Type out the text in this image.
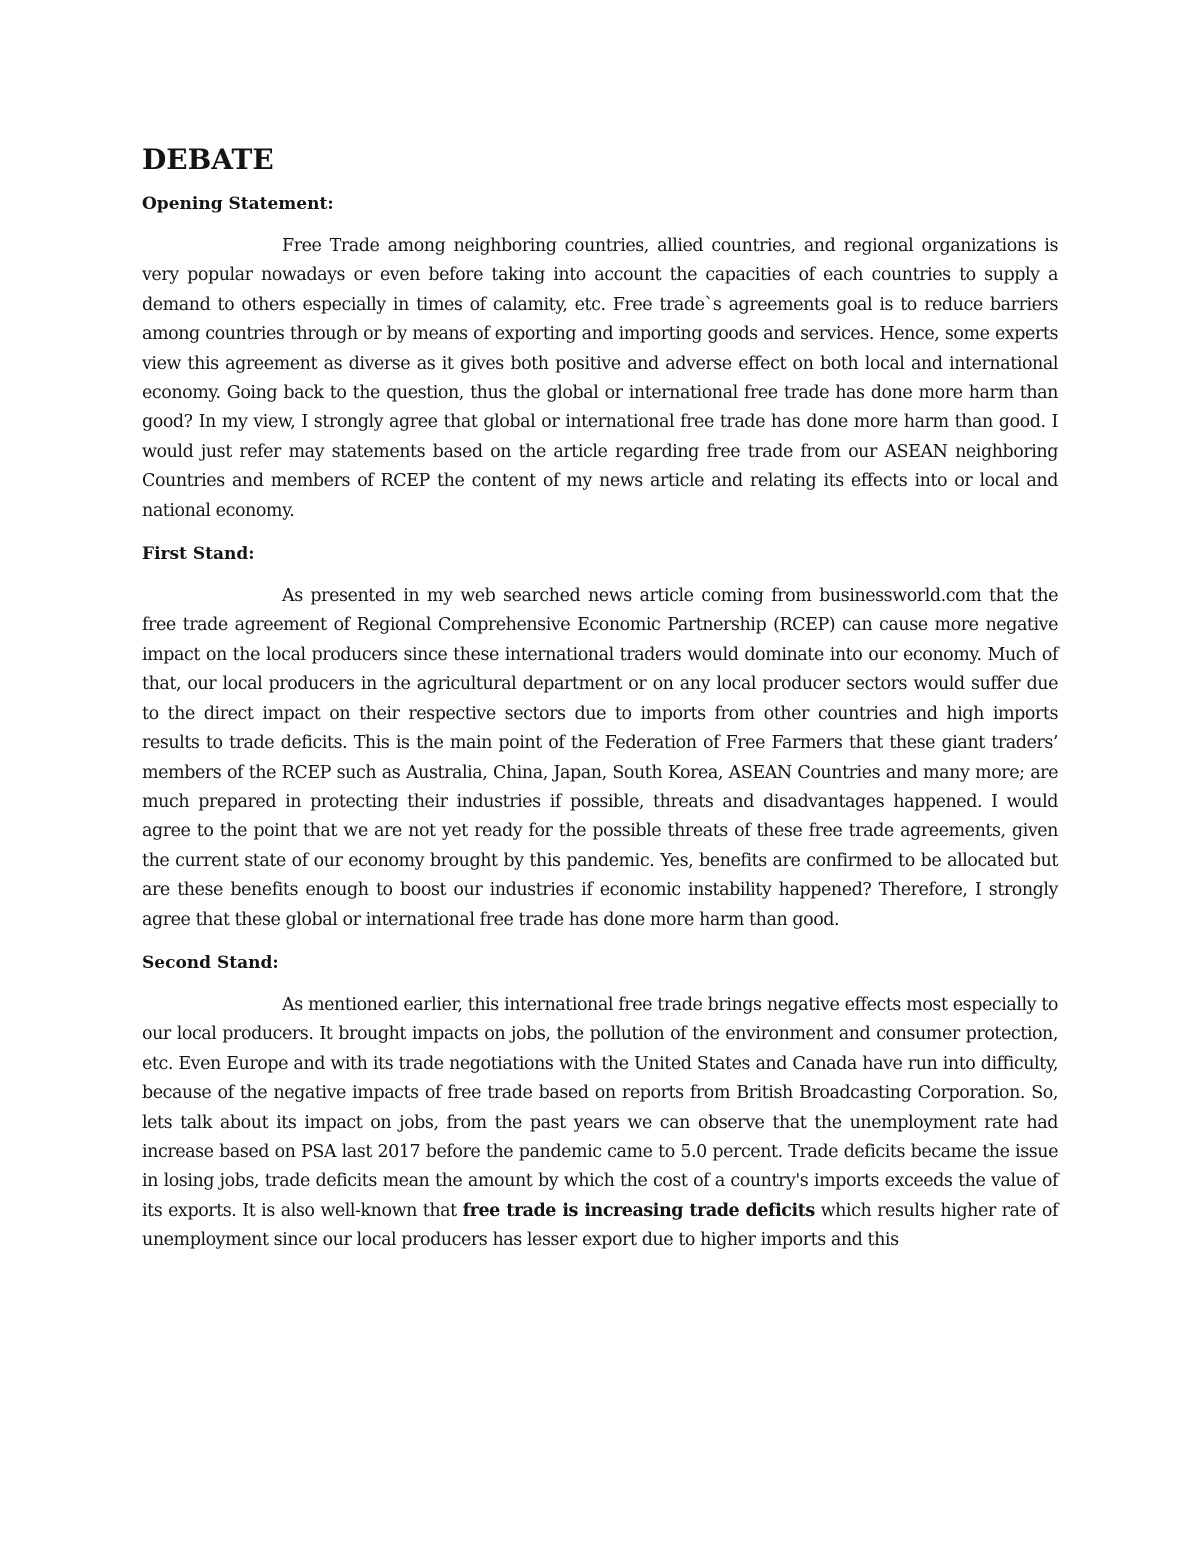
DEBATE
Opening Statement:

Free Trade among neighboring countries, allied countries, and regional organizations is very popular nowadays or even before taking into account the capacities of each countries to supply a demand to others especially in times of calamity, etc. Free trade`s agreements goal is to reduce barriers among countries through or by means of exporting and importing goods and services. Hence, some experts view this agreement as diverse as it gives both positive and adverse effect on both local and international economy. Going back to the question, thus the global or international free trade has done more harm than good? In my view, I strongly agree that global or international free trade has done more harm than good. I would just refer may statements based on the article regarding free trade from our ASEAN neighboring Countries and members of RCEP the content of my news article and relating its effects into or local and national economy.

First Stand:

As presented in my web searched news article coming from businessworld.com that the free trade agreement of Regional Comprehensive Economic Partnership (RCEP) can cause more negative impact on the local producers since these international traders would dominate into our economy. Much of that, our local producers in the agricultural department or on any local producer sectors would suffer due to the direct impact on their respective sectors due to imports from other countries and high imports results to trade deficits. This is the main point of the Federation of Free Farmers that these giant traders’ members of the RCEP such as Australia, China, Japan, South Korea, ASEAN Countries and many more; are much prepared in protecting their industries if possible, threats and disadvantages happened. I would agree to the point that we are not yet ready for the possible threats of these free trade agreements, given the current state of our economy brought by this pandemic. Yes, benefits are confirmed to be allocated but are these benefits enough to boost our industries if economic instability happened? Therefore, I strongly agree that these global or international free trade has done more harm than good.

Second Stand:

As mentioned earlier, this international free trade brings negative effects most especially to our local producers. It brought impacts on jobs, the pollution of the environment and consumer protection, etc. Even Europe and with its trade negotiations with the United States and Canada have run into difficulty, because of the negative impacts of free trade based on reports from British Broadcasting Corporation. So, lets talk about its impact on jobs, from the past years we can observe that the unemployment rate had increase based on PSA last 2017 before the pandemic came to 5.0 percent. Trade deficits became the issue in losing jobs, trade deficits mean the amount by which the cost of a country's imports exceeds the value of its exports. It is also well-known that free trade is increasing trade deficits which results higher rate of unemployment since our local producers has lesser export due to higher imports and this
